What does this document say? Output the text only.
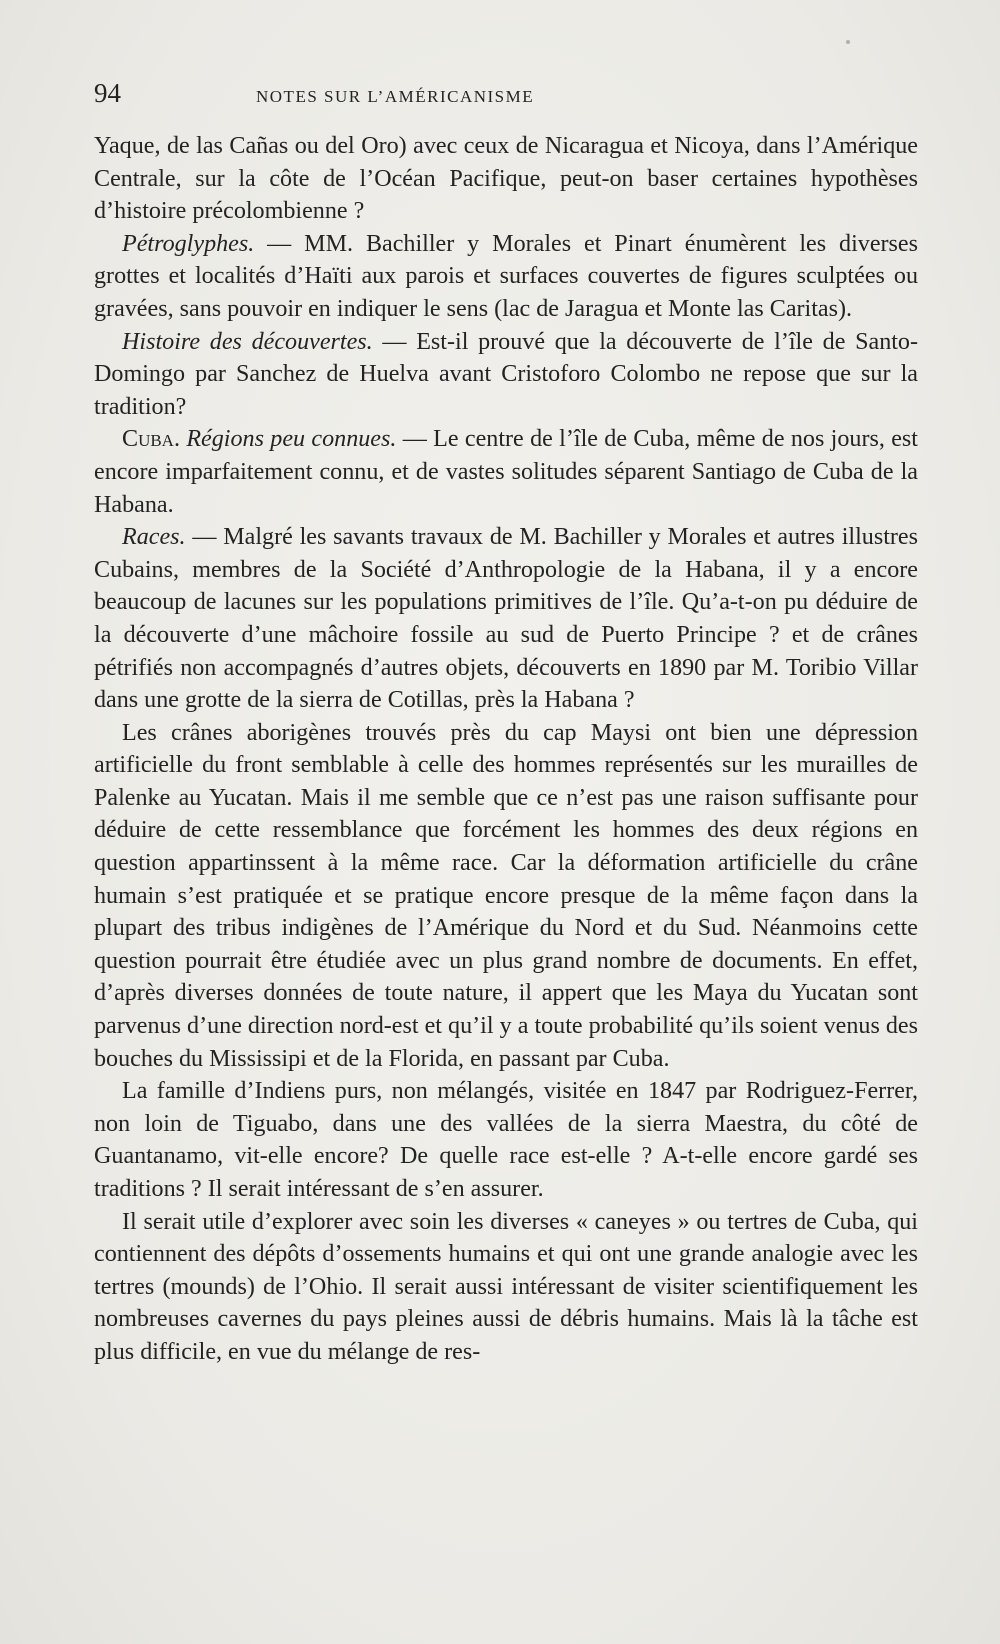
94	NOTES SUR L’AMÉRICANISME

Yaque, de las Cañas ou del Oro) avec ceux de Nicaragua et Nicoya, dans l’Amérique Centrale, sur la côte de l’Océan Pacifique, peut-on baser certaines hypothèses d’histoire précolombienne ?

Pétroglyphes. — MM. Bachiller y Morales et Pinart énumèrent les diverses grottes et localités d’Haïti aux parois et surfaces couvertes de figures sculptées ou gravées, sans pouvoir en indiquer le sens (lac de Jaragua et Monte las Caritas).

Histoire des découvertes. — Est-il prouvé que la découverte de l’île de Santo-Domingo par Sanchez de Huelva avant Cristoforo Colombo ne repose que sur la tradition?

Cuba. Régions peu connues. — Le centre de l’île de Cuba, même de nos jours, est encore imparfaitement connu, et de vastes solitudes séparent Santiago de Cuba de la Habana.

Races. — Malgré les savants travaux de M. Bachiller y Morales et autres illustres Cubains, membres de la Société d’Anthropologie de la Habana, il y a encore beaucoup de lacunes sur les populations primitives de l’île. Qu’a-t-on pu déduire de la découverte d’une mâchoire fossile au sud de Puerto Principe ? et de crânes pétrifiés non accompagnés d’autres objets, découverts en 1890 par M. Toribio Villar dans une grotte de la sierra de Cotillas, près la Habana ?

Les crânes aborigènes trouvés près du cap Maysi ont bien une dépression artificielle du front semblable à celle des hommes représentés sur les murailles de Palenke au Yucatan. Mais il me semble que ce n’est pas une raison suffisante pour déduire de cette ressemblance que forcément les hommes des deux régions en question appartinssent à la même race. Car la déformation artificielle du crâne humain s’est pratiquée et se pratique encore presque de la même façon dans la plupart des tribus indigènes de l’Amérique du Nord et du Sud. Néanmoins cette question pourrait être étudiée avec un plus grand nombre de documents. En effet, d’après diverses données de toute nature, il appert que les Maya du Yucatan sont parvenus d’une direction nord-est et qu’il y a toute probabilité qu’ils soient venus des bouches du Mississipi et de la Florida, en passant par Cuba.

La famille d’Indiens purs, non mélangés, visitée en 1847 par Rodriguez-Ferrer, non loin de Tiguabo, dans une des vallées de la sierra Maestra, du côté de Guantanamo, vit-elle encore? De quelle race est-elle ? A-t-elle encore gardé ses traditions ? Il serait intéressant de s’en assurer.

Il serait utile d’explorer avec soin les diverses « caneyes » ou tertres de Cuba, qui contiennent des dépôts d’ossements humains et qui ont une grande analogie avec les tertres (mounds) de l’Ohio. Il serait aussi intéressant de visiter scientifiquement les nombreuses cavernes du pays pleines aussi de débris humains. Mais là la tâche est plus difficile, en vue du mélange de res-
